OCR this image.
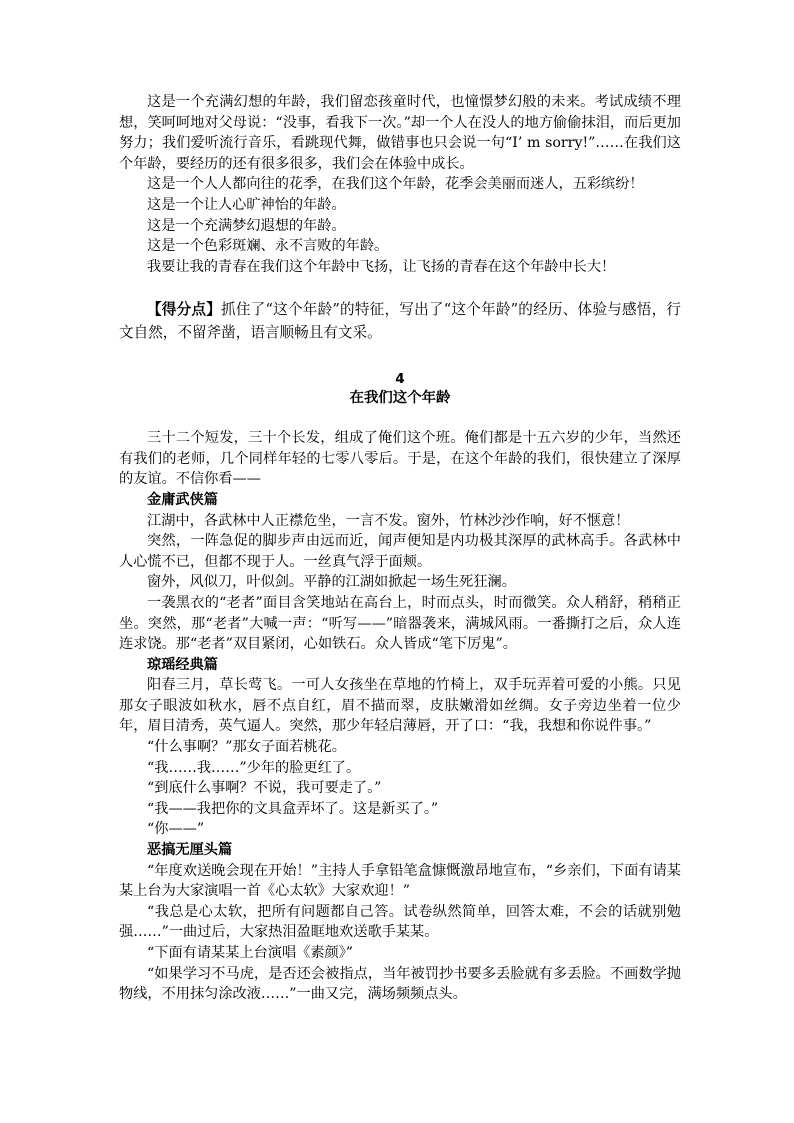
这是一个充满幻想的年龄，我们留恋孩童时代，也憧憬梦幻般的未来。考试成绩不理想，笑呵呵地对父母说：“没事，看我下一次。”却一个人在没人的地方偷偷抹泪，而后更加努力；我们爱听流行音乐，看跳现代舞，做错事也只会说一句“I’ m sorry!”……在我们这个年龄，要经历的还有很多很多，我们会在体验中成长。

这是一个人人都向往的花季，在我们这个年龄，花季会美丽而迷人，五彩缤纷！

这是一个让人心旷神怡的年龄。

这是一个充满梦幻遐想的年龄。

这是一个色彩斑斓、永不言败的年龄。

我要让我的青春在我们这个年龄中飞扬，让飞扬的青春在这个年龄中长大！

【得分点】抓住了“这个年龄”的特征，写出了“这个年龄”的经历、体验与感悟，行文自然，不留斧凿，语言顺畅且有文采。

4

在我们这个年龄

三十二个短发，三十个长发，组成了俺们这个班。俺们都是十五六岁的少年，当然还有我们的老师，几个同样年轻的七零八零后。于是，在这个年龄的我们，很快建立了深厚的友谊。不信你看——

金庸武侠篇

江湖中，各武林中人正襟危坐，一言不发。窗外，竹林沙沙作响，好不惬意！

突然，一阵急促的脚步声由远而近，闻声便知是内功极其深厚的武林高手。各武林中人心慌不已，但都不现于人。一丝真气浮于面颊。

窗外，风似刀，叶似剑。平静的江湖如掀起一场生死狂澜。

一袭黑衣的“老者”面目含笑地站在高台上，时而点头，时而微笑。众人稍舒，稍稍正坐。突然，那“老者”大喊一声：“听写——”暗器袭来，满城风雨。一番撕打之后，众人连连求饶。那“老者”双目紧闭，心如铁石。众人皆成“笔下厉鬼”。

琼瑶经典篇

阳春三月，草长莺飞。一可人女孩坐在草地的竹椅上，双手玩弄着可爱的小熊。只见那女子眼波如秋水，唇不点自红，眉不描而翠，皮肤嫩滑如丝绸。女子旁边坐着一位少年，眉目清秀，英气逼人。突然，那少年轻启薄唇，开了口：“我，我想和你说件事。”

“什么事啊？”那女子面若桃花。

“我……我……”少年的脸更红了。

“到底什么事啊？不说，我可要走了。”

“我——我把你的文具盒弄坏了。这是新买了。”

“你——”

恶搞无厘头篇

“年度欢送晚会现在开始！”主持人手拿铅笔盒慷慨激昂地宣布，“乡亲们，下面有请某某上台为大家演唱一首《心太软》大家欢迎！”

“我总是心太软，把所有问题都自己答。试卷纵然简单，回答太难，不会的话就别勉强……”一曲过后，大家热泪盈眶地欢送歌手某某。

“下面有请某某上台演唱《素颜》”

“如果学习不马虎，是否还会被指点，当年被罚抄书要多丢脸就有多丢脸。不画数学抛物线，不用抹匀涂改液……”一曲又完，满场频频点头。
